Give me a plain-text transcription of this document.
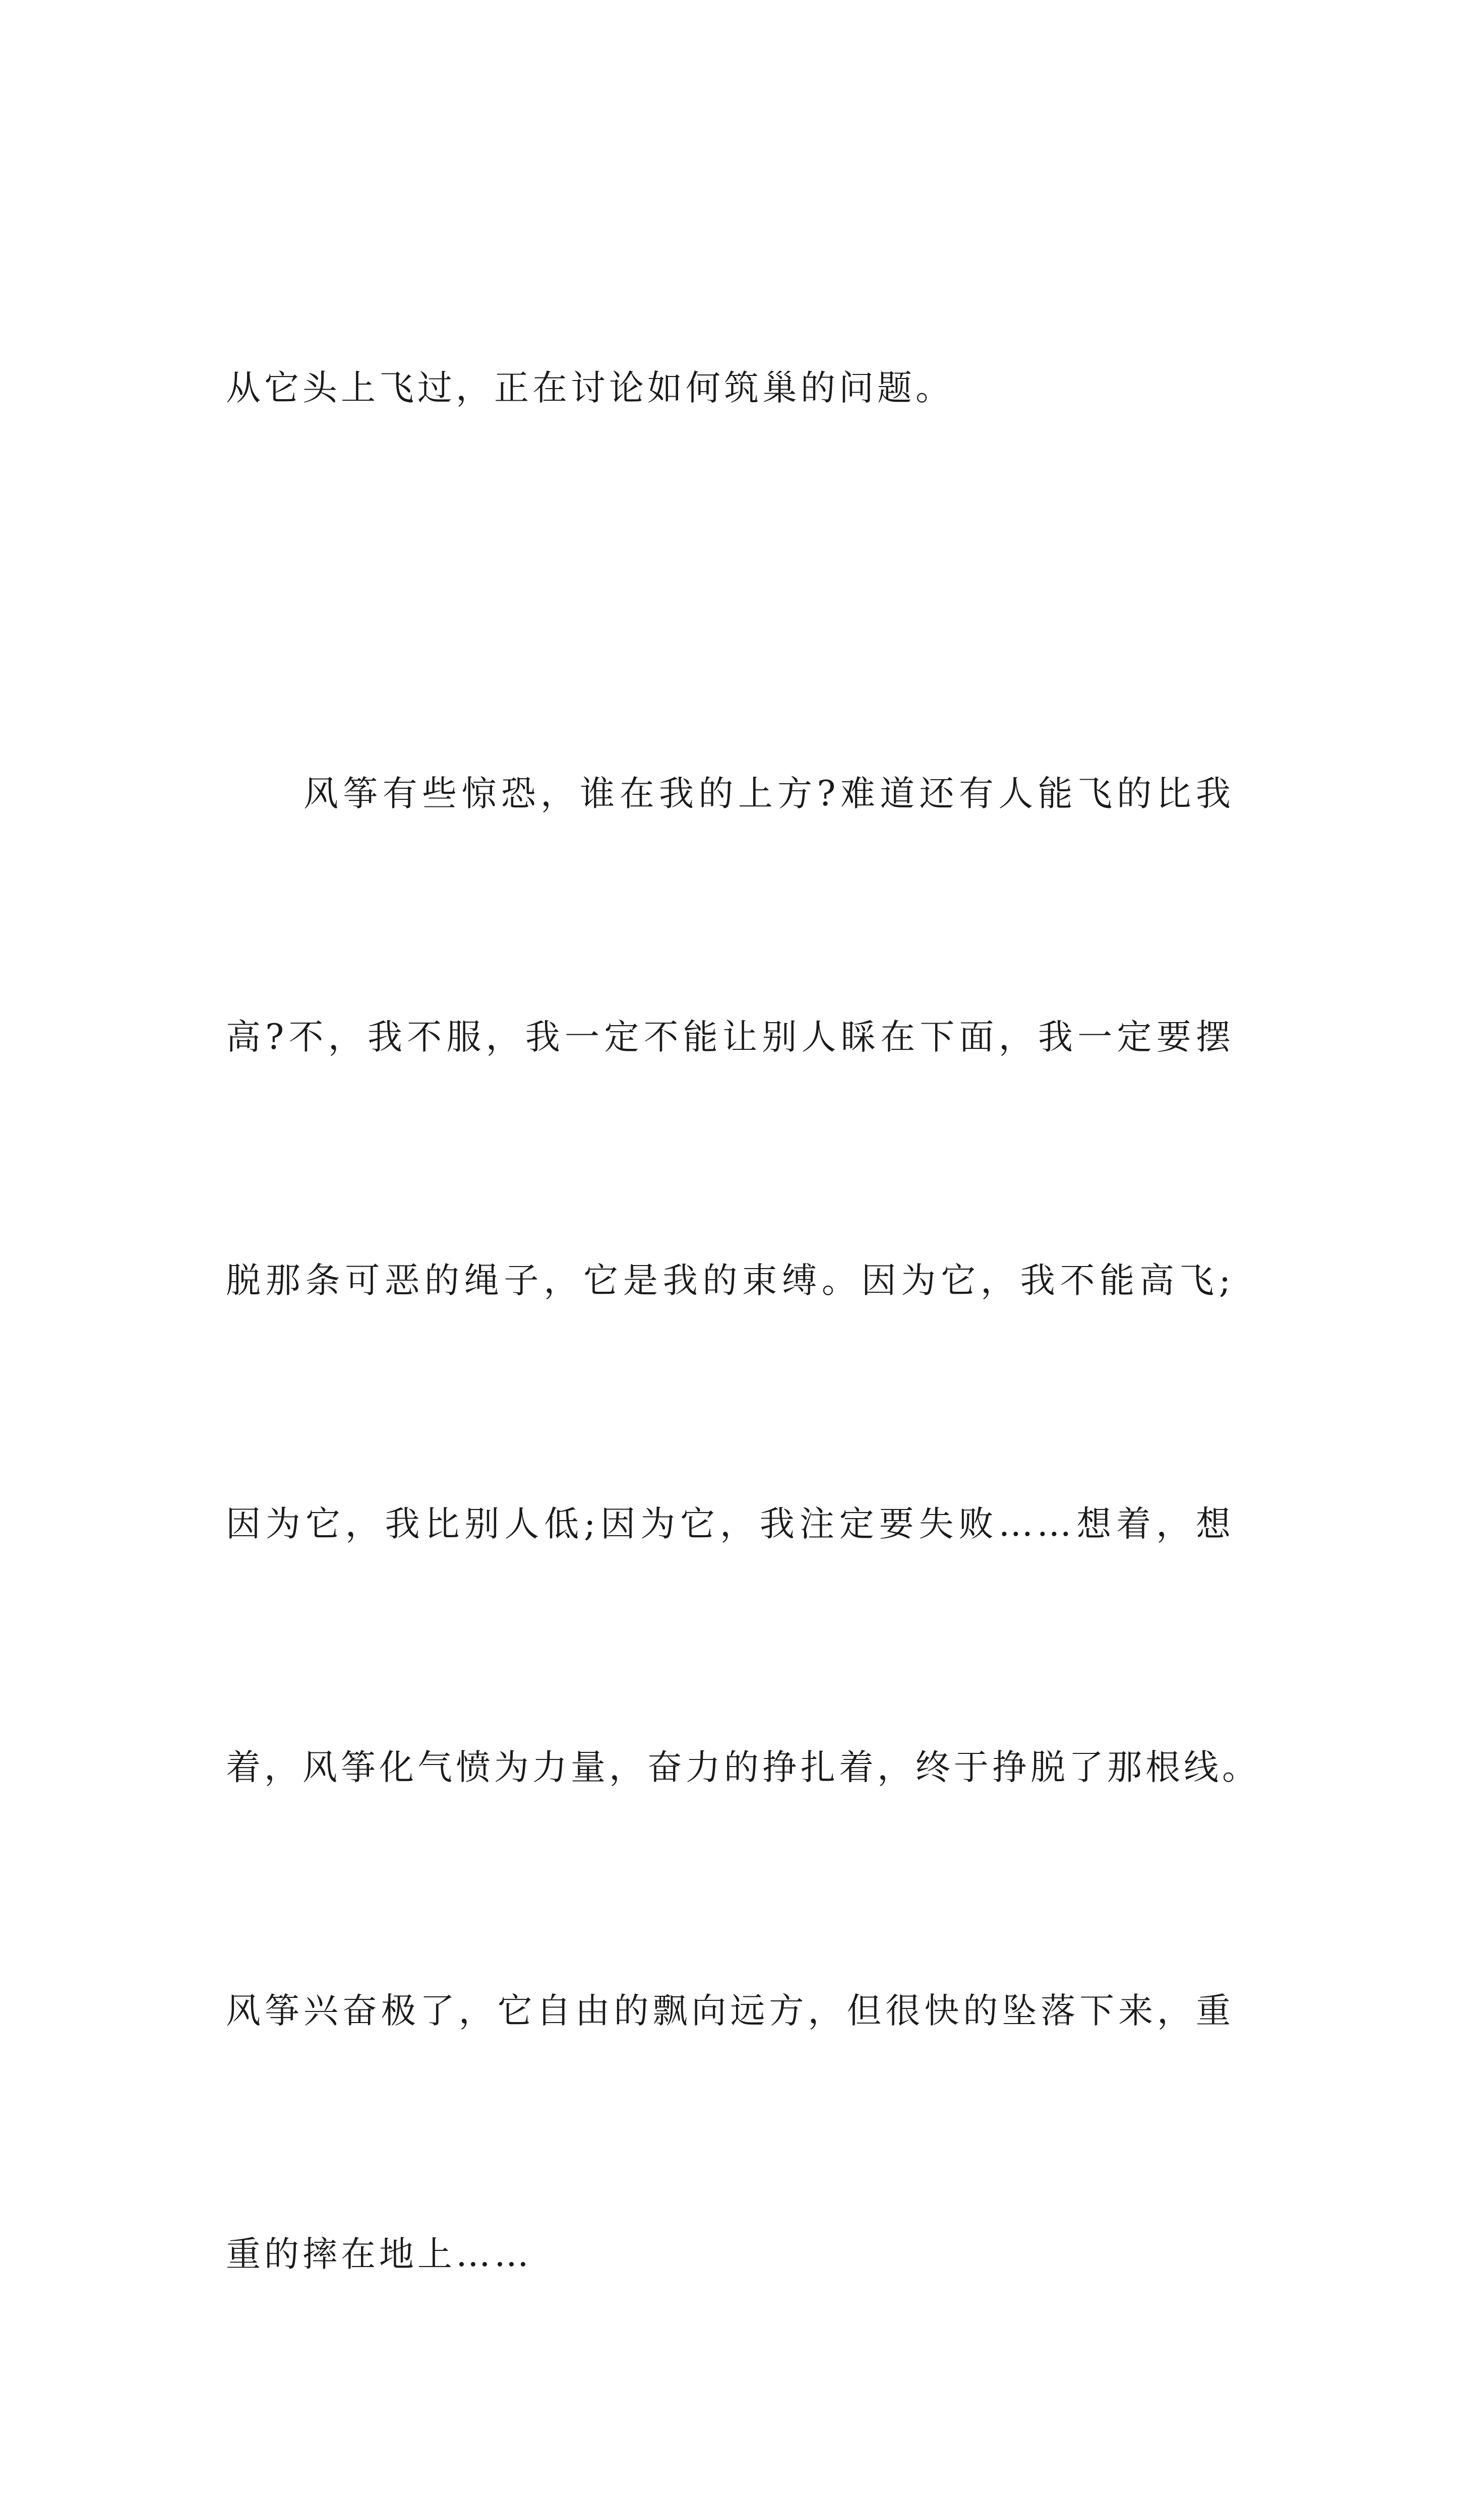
从它头上飞过，正在讨论如何筑巢的问题。

风筝有些惊恐，谁在我的上方?难道还有人能飞的比我

高?不，我不服，我一定不能让别人睬在下面，我一定要摆

脱那条可恶的绳子，它是我的束缚。因为它，我不能高飞;

因为它，我比别人低;因为它，我注定要失败……想着，想

着，风筝化气愤为力量，奋力的挣扎着，终于挣脱了那根线。

风筝兴奋极了，它自由的飘向远方，但很快的坠落下来，重

重的摔在地上……
